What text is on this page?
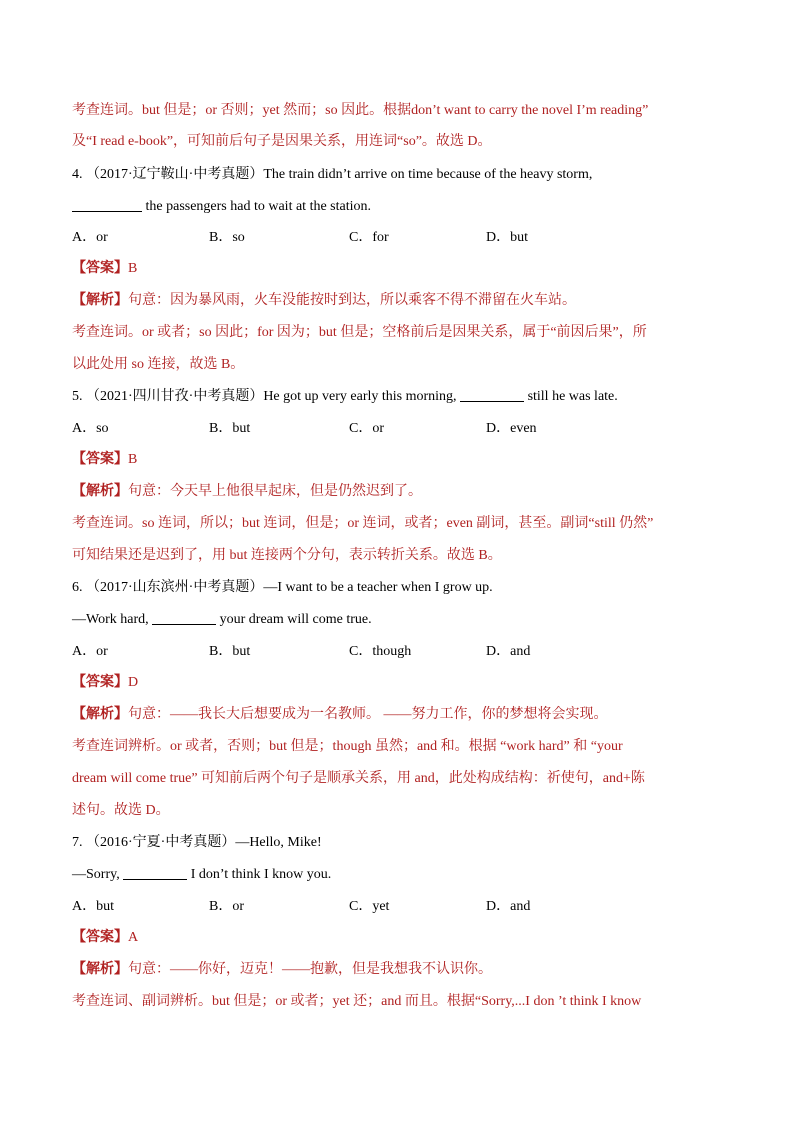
考查连词。but 但是；or 否则；yet 然而；so 因此。根据don’t want to carry the novel I’m reading”
及“I read e-book”，可知前后句子是因果关系，用连词“so”。故选 D。
4. （2017·辽宁鞍山·中考真题）The train didn’t arrive on time because of the heavy storm,
the passengers had to wait at the station.
A．or	B．so	C．for	D．but
【答案】B
【解析】句意：因为暴风雨，火车没能按时到达，所以乘客不得不滞留在火车站。
考查连词。or 或者；so 因此；for 因为；but 但是；空格前后是因果关系，属于“前因后果”，所
以此处用 so 连接，故选 B。
5. （2021·四川甘孜·中考真题）He got up very early this morning,	still he was late.
A．so	B．but	C．or	D．even
【答案】B
【解析】句意：今天早上他很早起床，但是仍然迟到了。
考查连词。so 连词，所以；but 连词，但是；or 连词，或者；even 副词，甚至。副词“still 仍然”
可知结果还是迟到了，用 but 连接两个分句，表示转折关系。故选 B。
6. （2017·山东滨州·中考真题）—I want to be a teacher when I grow up.
—Work hard,	your dream will come true.
A．or	B．but	C．though	D．and
【答案】D
【解析】句意：——我长大后想要成为一名教师。 ——努力工作，你的梦想将会实现。
考查连词辨析。or 或者，否则；but 但是；though 虽然；and 和。根据 “work hard” 和 “your
dream will come true” 可知前后两个句子是顺承关系，用 and，此处构成结构：祈使句，and+陈
述句。故选 D。
7. （2016·宁夏·中考真题）—Hello, Mike!
—Sorry,	I don’t think I know you.
A．but	B．or	C．yet	D．and
【答案】A
【解析】句意：——你好，迈克！——抱歉，但是我想我不认识你。
考查连词、副词辨析。but 但是；or 或者；yet 还；and 而且。根据“Sorry,...I don ’t think I know
